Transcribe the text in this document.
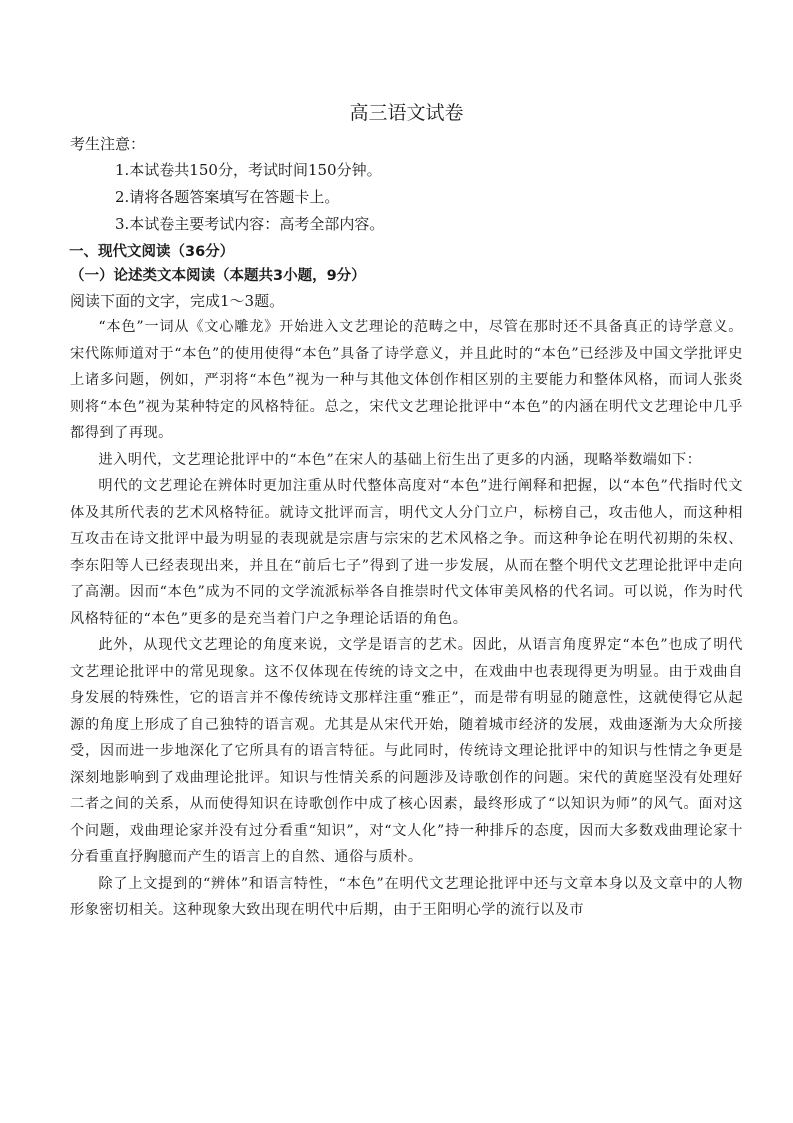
高三语文试卷

考生注意：

1.本试卷共150分，考试时间150分钟。

2.请将各题答案填写在答题卡上。

3.本试卷主要考试内容：高考全部内容。

一、现代文阅读（36分）

（一）论述类文本阅读（本题共3小题，9分）

阅读下面的文字，完成1～3题。

“本色”一词从《文心雕龙》开始进入文艺理论的范畴之中，尽管在那时还不具备真正的诗学意义。宋代陈师道对于“本色”的使用使得“本色”具备了诗学意义，并且此时的“本色”已经涉及中国文学批评史上诸多问题，例如，严羽将“本色”视为一种与其他文体创作相区别的主要能力和整体风格，而词人张炎则将“本色”视为某种特定的风格特征。总之，宋代文艺理论批评中“本色”的内涵在明代文艺理论中几乎都得到了再现。

进入明代，文艺理论批评中的“本色”在宋人的基础上衍生出了更多的内涵，现略举数端如下：

明代的文艺理论在辨体时更加注重从时代整体高度对“本色”进行阐释和把握，以“本色”代指时代文体及其所代表的艺术风格特征。就诗文批评而言，明代文人分门立户，标榜自己，攻击他人，而这种相互攻击在诗文批评中最为明显的表现就是宗唐与宗宋的艺术风格之争。而这种争论在明代初期的朱权、李东阳等人已经表现出来，并且在“前后七子”得到了进一步发展，从而在整个明代文艺理论批评中走向了高潮。因而“本色”成为不同的文学流派标举各自推崇时代文体审美风格的代名词。可以说，作为时代风格特征的“本色”更多的是充当着门户之争理论话语的角色。

此外，从现代文艺理论的角度来说，文学是语言的艺术。因此，从语言角度界定“本色”也成了明代文艺理论批评中的常见现象。这不仅体现在传统的诗文之中，在戏曲中也表现得更为明显。由于戏曲自身发展的特殊性，它的语言并不像传统诗文那样注重“雅正”，而是带有明显的随意性，这就使得它从起源的角度上形成了自己独特的语言观。尤其是从宋代开始，随着城市经济的发展，戏曲逐渐为大众所接受，因而进一步地深化了它所具有的语言特征。与此同时，传统诗文理论批评中的知识与性情之争更是深刻地影响到了戏曲理论批评。知识与性情关系的问题涉及诗歌创作的问题。宋代的黄庭坚没有处理好二者之间的关系，从而使得知识在诗歌创作中成了核心因素，最终形成了“以知识为师”的风气。面对这个问题，戏曲理论家并没有过分看重“知识”，对“文人化”持一种排斥的态度，因而大多数戏曲理论家十分看重直抒胸臆而产生的语言上的自然、通俗与质朴。

除了上文提到的“辨体”和语言特性，“本色”在明代文艺理论批评中还与文章本身以及文章中的人物形象密切相关。这种现象大致出现在明代中后期，由于王阳明心学的流行以及市
